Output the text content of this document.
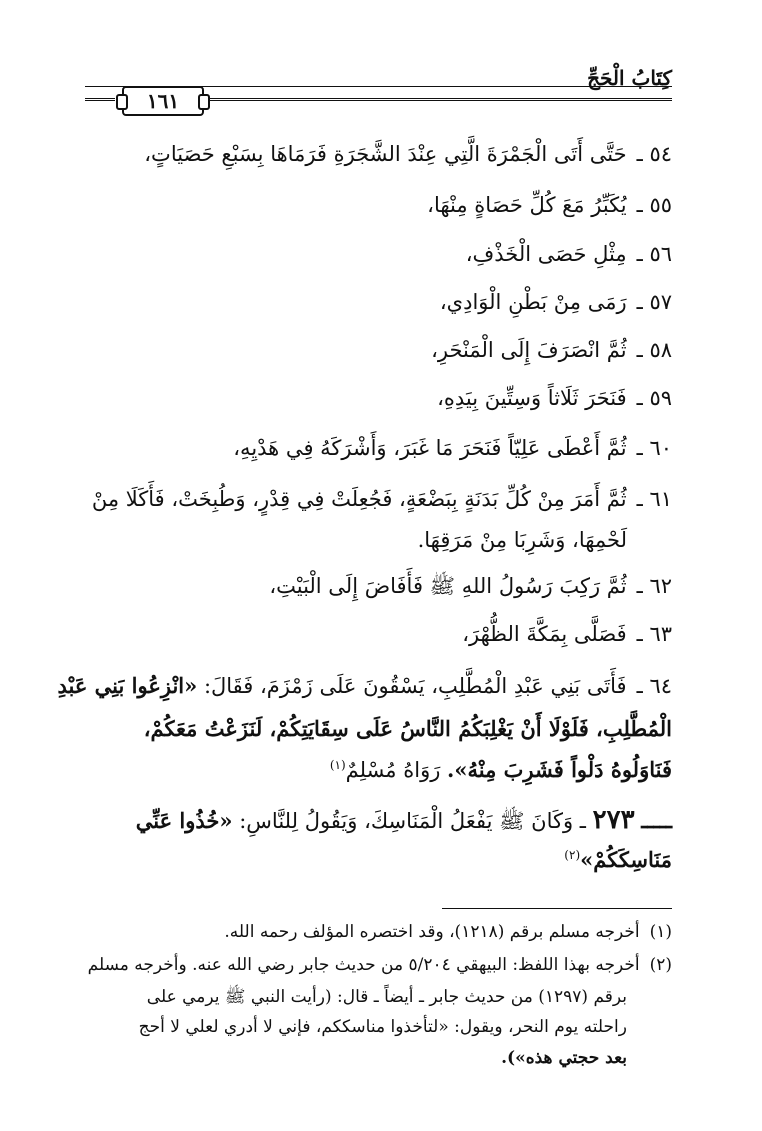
كِتَابُ الْحَجِّ
١٦١
٥٤ ـحَتَّى أَتَى الْجَمْرَةَ الَّتِي عِنْدَ الشَّجَرَةِ فَرَمَاهَا بِسَبْعِ حَصَيَاتٍ،
٥٥ ـيُكَبِّرُ مَعَ كُلِّ حَصَاةٍ مِنْهَا،
٥٦ ـمِثْلِ حَصَى الْخَذْفِ،
٥٧ ـرَمَى مِنْ بَطْنِ الْوَادِي،
٥٨ ـثُمَّ انْصَرَفَ إِلَى الْمَنْحَرِ،
٥٩ ـفَنَحَرَ ثَلَاثاً وَسِتِّينَ بِيَدِهِ،
٦٠ ـثُمَّ أَعْطَى عَلِيّاً فَنَحَرَ مَا غَبَرَ، وَأَشْرَكَهُ فِي هَدْيِهِ،
٦١ ـثُمَّ أَمَرَ مِنْ كُلِّ بَدَنَةٍ بِبَضْعَةٍ، فَجُعِلَتْ فِي قِدْرٍ، وَطُبِخَتْ، فَأَكَلَا مِنْ
لَحْمِهَا، وَشَرِبَا مِنْ مَرَقِهَا.
٦٢ ـثُمَّ رَكِبَ رَسُولُ اللهِ ﷺ فَأَفَاضَ إِلَى الْبَيْتِ،
٦٣ ـفَصَلَّى بِمَكَّةَ الظُّهْرَ،
٦٤ ـفَأَتَى بَنِي عَبْدِ الْمُطَّلِبِ، يَسْقُونَ عَلَى زَمْزَمَ، فَقَالَ: «انْزِعُوا بَنِي عَبْدِ
الْمُطَّلِبِ، فَلَوْلَا أَنْ يَغْلِبَكُمُ النَّاسُ عَلَى سِقَايَتِكُمْ، لَنَزَعْتُ مَعَكُمْ،
فَنَاوَلُوهُ دَلْواً فَشَرِبَ مِنْهُ». رَوَاهُ مُسْلِمٌ$^{(١)}$
ـــــ ٢٧٣ ـ وَكَانَ ﷺ يَفْعَلُ الْمَنَاسِكَ، وَيَقُولُ لِلنَّاسِ: «خُذُوا عَنِّي
مَنَاسِكَكُمْ»$^{(٢)}$
(١)أخرجه مسلم برقم (١٢١٨)، وقد اختصره المؤلف رحمه الله.
(٢)أخرجه بهذا اللفظ: البيهقي ٥/٢٠٤ من حديث جابر رضي الله عنه. وأخرجه مسلم
برقم (١٢٩٧) من حديث جابر ـ أيضاً ـ قال: (رأيت النبي ﷺ يرمي على
راحلته يوم النحر، ويقول: «لتأخذوا مناسككم، فإني لا أدري لعلي لا أحج
بعد حجتي هذه»).
